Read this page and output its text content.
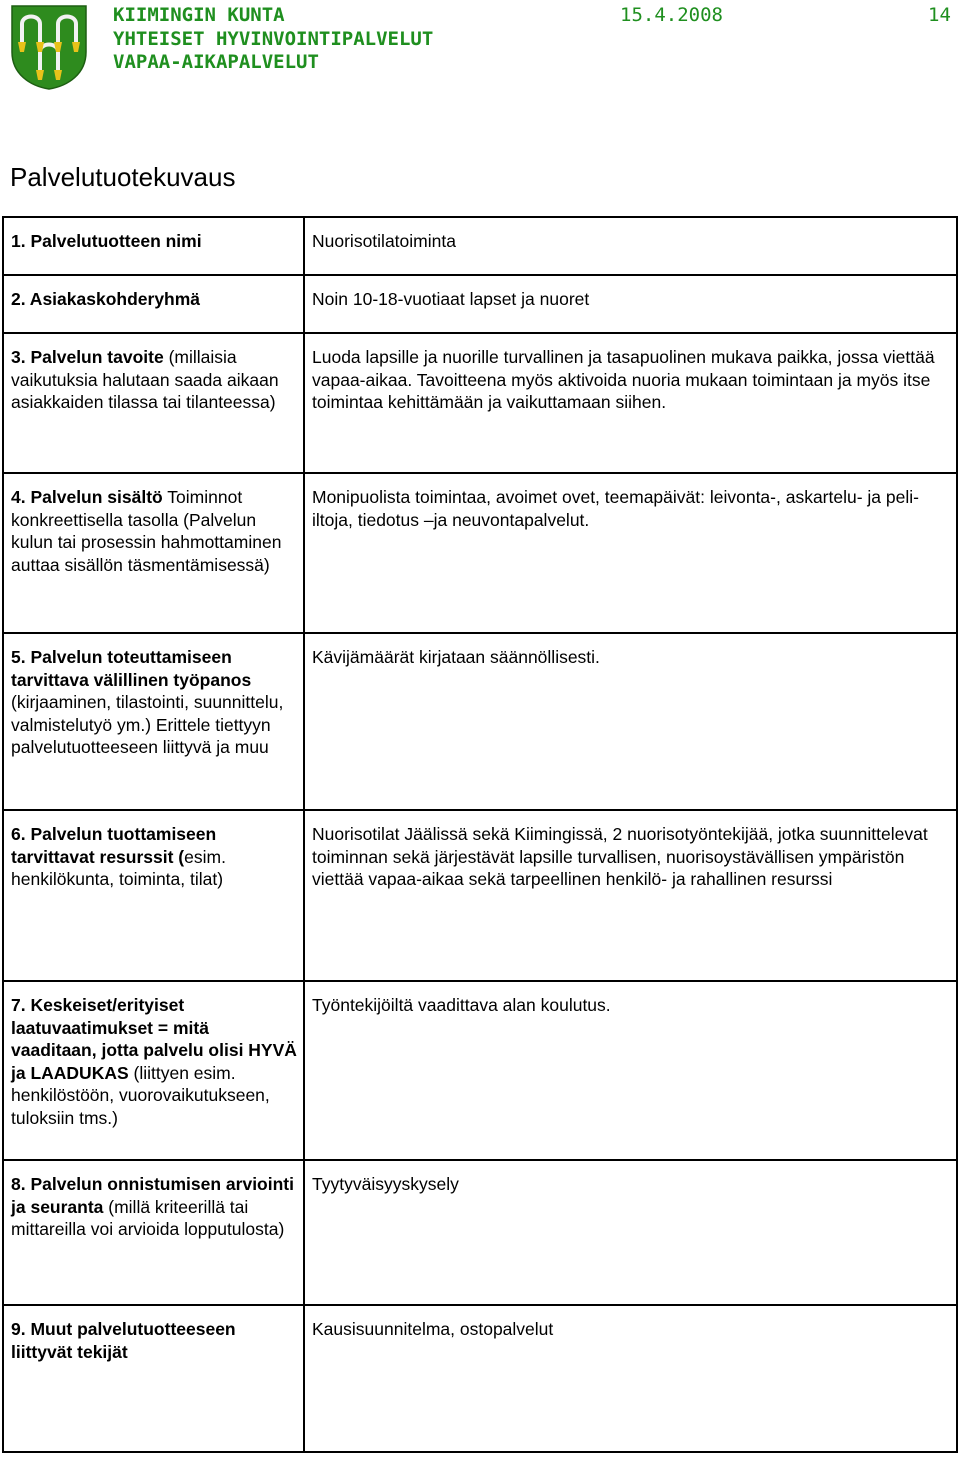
KIIMINGIN KUNTA
YHTEISET HYVINVOINTIPALVELUT
VAPAA-AIKAPALVELUT
15.4.2008	14
Palvelutuotekuvaus
1. Palvelutuotteen nimi	Nuorisotilatoiminta
2. Asiakaskohderyhmä	Noin 10-18-vuotiaat lapset ja nuoret
3. Palvelun tavoite (millaisia vaikutuksia halutaan saada aikaan asiakkaiden tilassa tai tilanteessa)	Luoda lapsille ja nuorille turvallinen ja tasapuolinen mukava paikka, jossa viettää vapaa-aikaa. Tavoitteena myös aktivoida nuoria mukaan toimintaan ja myös itse toimintaa kehittämään ja vaikuttamaan siihen.
4. Palvelun sisältö Toiminnot konkreettisella tasolla (Palvelun kulun tai prosessin hahmottaminen auttaa sisällön täsmentämisessä)	Monipuolista toimintaa, avoimet ovet, teemapäivät: leivonta-, askartelu- ja peli-iltoja, tiedotus –ja neuvontapalvelut.
5. Palvelun toteuttamiseen tarvittava välillinen työpanos (kirjaaminen, tilastointi, suunnittelu, valmistelutyö ym.) Erittele tiettyyn palvelutuotteeseen liittyvä ja muu	Kävijämäärät kirjataan säännöllisesti.
6. Palvelun tuottamiseen tarvittavat resurssit (esim. henkilökunta, toiminta, tilat)	Nuorisotilat Jäälissä sekä Kiimingissä, 2 nuorisotyöntekijää, jotka suunnittelevat toiminnan sekä järjestävät lapsille turvallisen, nuorisoystävällisen ympäristön viettää vapaa-aikaa sekä tarpeellinen henkilö- ja rahallinen resurssi
7. Keskeiset/erityiset laatuvaatimukset = mitä vaaditaan, jotta palvelu olisi HYVÄ ja LAADUKAS (liittyen esim. henkilöstöön, vuorovaikutukseen, tuloksiin tms.)	Työntekijöiltä vaadittava alan koulutus.
8. Palvelun onnistumisen arviointi ja seuranta (millä kriteerillä tai mittareilla voi arvioida lopputulosta)	Tyytyväisyyskysely
9. Muut palvelutuotteeseen liittyvät tekijät	Kausisuunnitelma, ostopalvelut
